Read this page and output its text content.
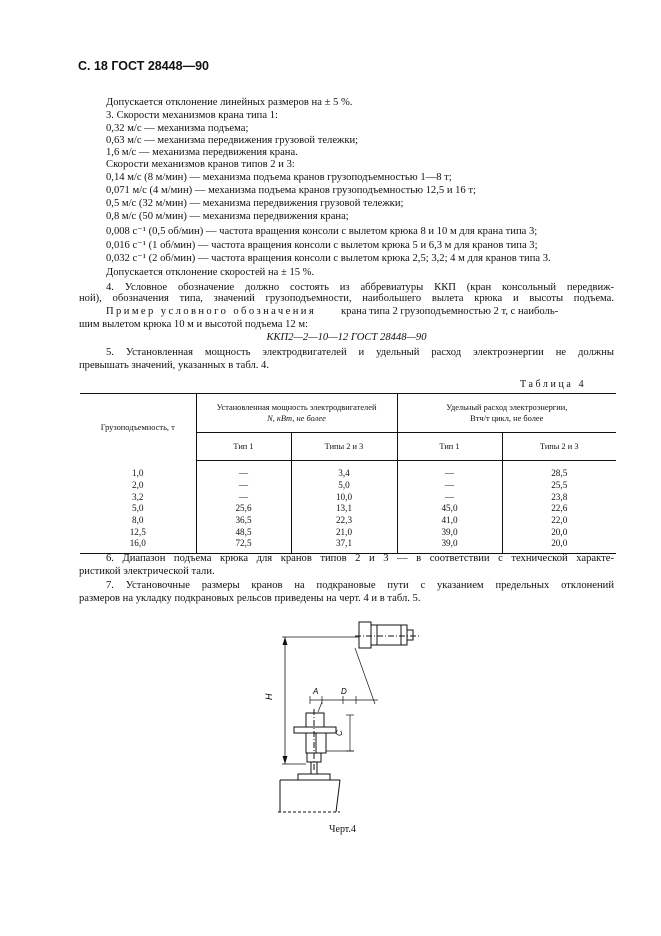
С. 18 ГОСТ 28448—90
Допускается отклонение линейных размеров на ± 5 %.
3. Скорости механизмов крана типа 1:
0,32 м/с — механизма подъема;
0,63 м/с — механизма передвижения грузовой тележки;
1,6 м/с — механизма передвижения крана.
Скорости механизмов кранов типов 2 и 3:
0,14 м/с (8 м/мин) — механизма подъема кранов грузоподъемностью 1—8 т;
0,071 м/с (4 м/мин) — механизма подъема кранов грузоподъемностью 12,5 и 16 т;
0,5 м/с (32 м/мин) — механизма передвижения грузовой тележки;
0,8 м/с (50 м/мин) — механизма передвижения крана;
0,008 с⁻¹ (0,5 об/мин) — частота вращения консоли с вылетом крюка 8 и 10 м для крана типа 3;
0,016 с⁻¹ (1 об/мин) — частота вращения консоли с вылетом крюка 5 и 6,3 м для кранов типа 3;
0,032 с⁻¹ (2 об/мин) — частота вращения консоли с вылетом крюка 2,5; 3,2; 4 м для кранов типа 3.
Допускается отклонение скоростей на ± 15 %.
4. Условное обозначение должно состоять из аббревиатуры ККП (кран консольный передвиж-
ной), обозначения типа, значений грузоподъемности, наибольшего вылета крюка и высоты подъема.
Пример условного обозначения крана типа 2 грузоподъемностью 2 т, с наиболь-
шим вылетом крюка 10 м и высотой подъема 12 м:
ККП2—2—10—12 ГОСТ 28448—90
5. Установленная мощность электродвигателей и удельный расход электроэнергии не должны
превышать значений, указанных в табл. 4.
Таблица 4
Грузоподъемность, т	Установленная мощность электродвигателей
N, кВт, не более		Удельный расход электроэнергии,
Втч/т цикл, не более	
	Тип 1	Типы 2 и 3	Тип 1	Типы 2 и 3
1,0	—	3,4	—	28,5
2,0	—	5,0	—	25,5
3,2	—	10,0	—	23,8
5,0	25,6	13,1	45,0	22,6
8,0	36,5	22,3	41,0	22,0
12,5	48,5	21,0	39,0	20,0
16,0	72,5	37,1	39,0	20,0
6. Диапазон подъема крюка для кранов типов 2 и 3 — в соответствии с технической характе-
ристикой электрической тали.
7. Установочные размеры кранов на подкрановые пути с указанием предельных отклонений
размеров на укладку подкрановых рельсов приведены на черт. 4 и в табл. 5.
H
A	D
C
Черт.4
